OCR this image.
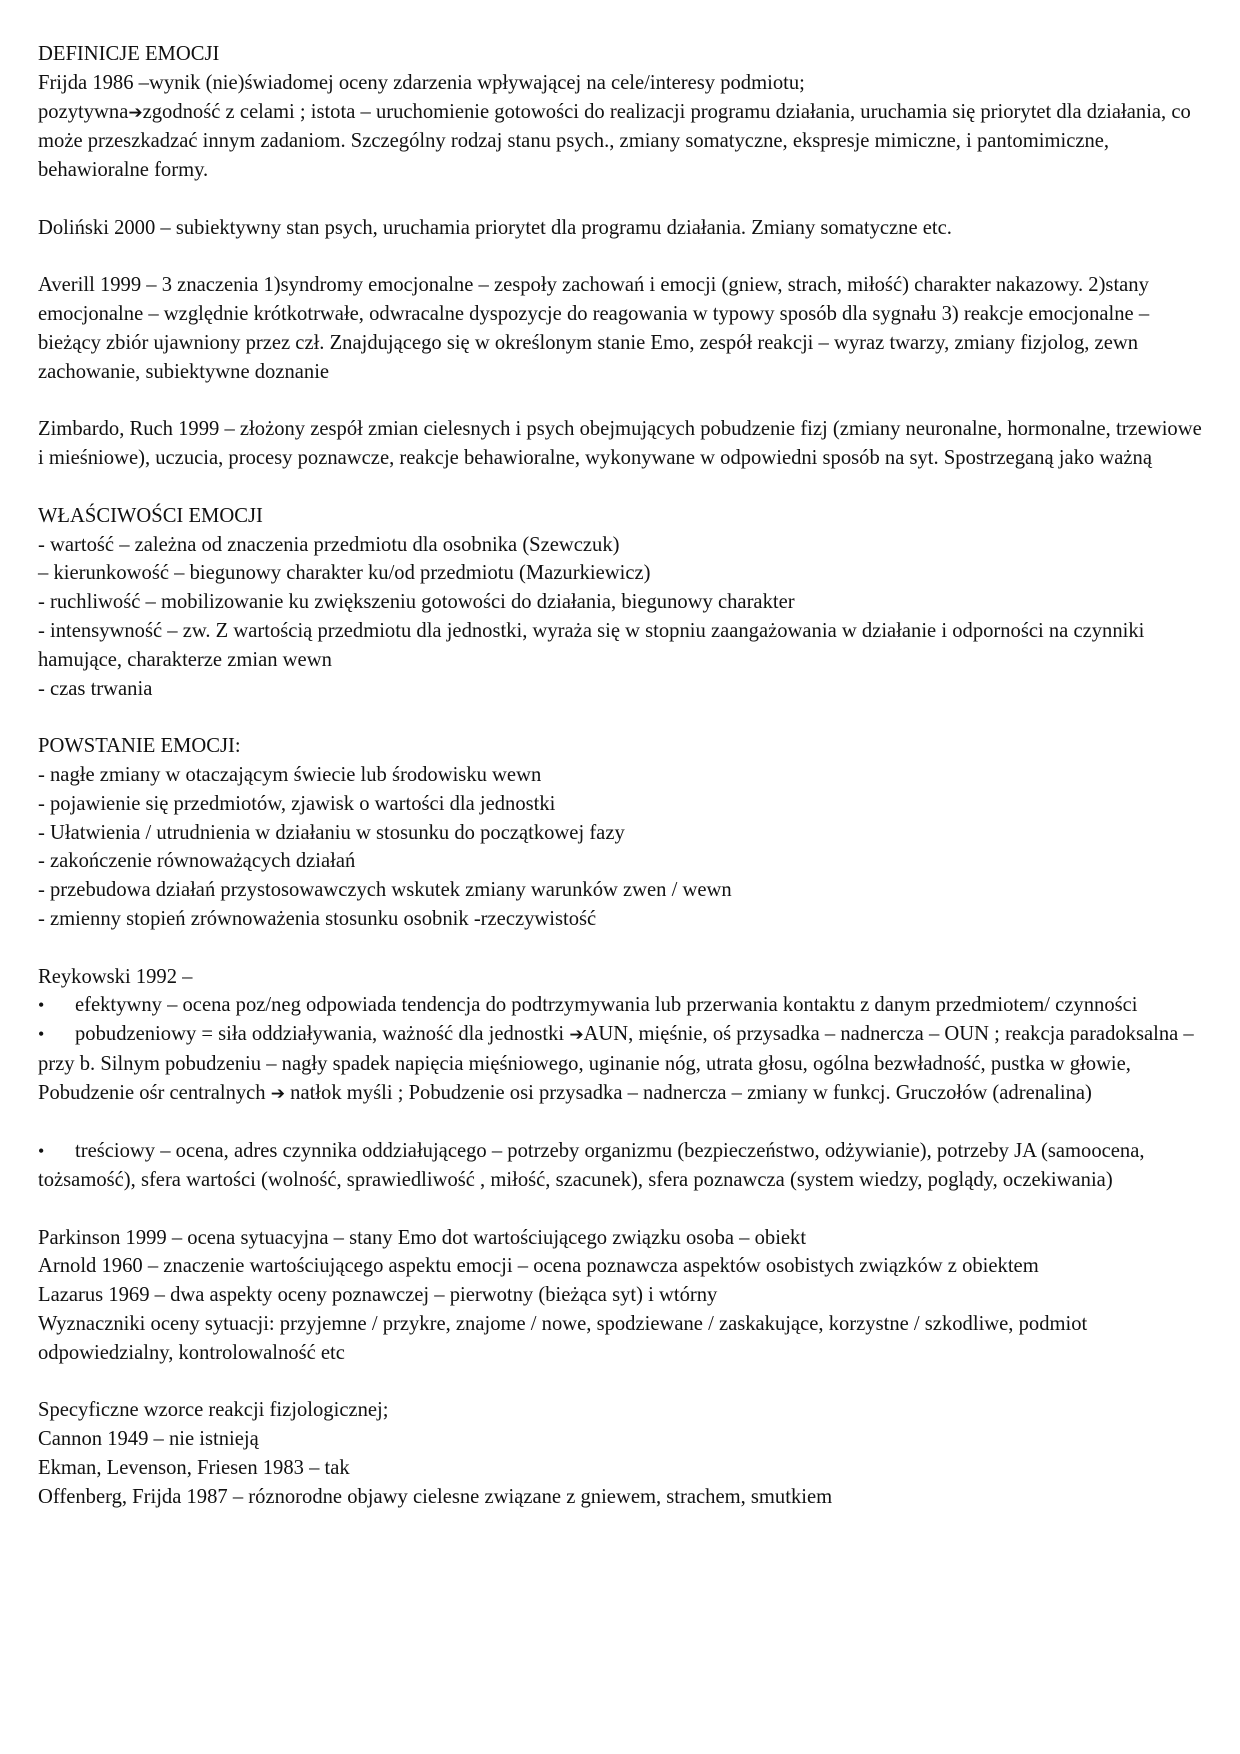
DEFINICJE EMOCJI

Frijda 1986 –wynik (nie)świadomej oceny zdarzenia wpływającej na cele/interesy podmiotu;

pozytywna➔zgodność z celami ; istota – uruchomienie gotowości do realizacji programu działania, uruchamia się priorytet dla działania, co może przeszkadzać innym zadaniom. Szczególny rodzaj stanu psych., zmiany somatyczne, ekspresje mimiczne, i pantomimiczne, behawioralne formy.

Doliński 2000 – subiektywny stan psych, uruchamia priorytet dla programu działania. Zmiany somatyczne etc.

Averill 1999 – 3 znaczenia 1)syndromy emocjonalne – zespoły zachowań i emocji (gniew, strach, miłość) charakter nakazowy. 2)stany emocjonalne – względnie krótkotrwałe, odwracalne dyspozycje do reagowania w typowy sposób dla sygnału 3) reakcje emocjonalne – bieżący zbiór ujawniony przez czł. Znajdującego się w określonym stanie Emo, zespół reakcji – wyraz twarzy, zmiany fizjolog, zewn zachowanie, subiektywne doznanie

Zimbardo, Ruch 1999 – złożony zespół zmian cielesnych i psych obejmujących pobudzenie fizj (zmiany neuronalne, hormonalne, trzewiowe i mieśniowe), uczucia, procesy poznawcze, reakcje behawioralne, wykonywane w odpowiedni sposób na syt. Spostrzeganą jako ważną

WŁAŚCIWOŚCI EMOCJI

- wartość – zależna od znaczenia przedmiotu dla osobnika (Szewczuk)

– kierunkowość – biegunowy charakter ku/od przedmiotu (Mazurkiewicz)

- ruchliwość – mobilizowanie ku zwiększeniu gotowości do działania, biegunowy charakter

- intensywność – zw. Z wartością przedmiotu dla jednostki, wyraża się w stopniu zaangażowania w działanie i odporności na czynniki hamujące, charakterze zmian wewn

- czas trwania

POWSTANIE EMOCJI:

- nagłe zmiany w otaczającym świecie lub środowisku wewn

- pojawienie się przedmiotów, zjawisk o wartości dla jednostki

- Ułatwienia / utrudnienia w działaniu w stosunku do początkowej fazy

- zakończenie równoważących działań

- przebudowa działań przystosowawczych wskutek zmiany warunków zwen / wewn

- zmienny stopień zrównoważenia stosunku osobnik -rzeczywistość

Reykowski 1992 –

• efektywny – ocena poz/neg odpowiada tendencja do podtrzymywania lub przerwania kontaktu z danym przedmiotem/ czynności

• pobudzeniowy = siła oddziaływania, ważność dla jednostki ➔AUN, mięśnie, oś przysadka – nadnercza – OUN ; reakcja paradoksalna – przy b. Silnym pobudzeniu – nagły spadek napięcia mięśniowego, uginanie nóg, utrata głosu, ogólna bezwładność, pustka w głowie,

Pobudzenie ośr centralnych ➔ natłok myśli ; Pobudzenie osi przysadka – nadnercza – zmiany w funkcj. Gruczołów (adrenalina)

• treściowy – ocena, adres czynnika oddziałującego – potrzeby organizmu (bezpieczeństwo, odżywianie), potrzeby JA (samoocena, tożsamość), sfera wartości (wolność, sprawiedliwość , miłość, szacunek), sfera poznawcza (system wiedzy, poglądy, oczekiwania)

Parkinson 1999 – ocena sytuacyjna – stany Emo dot wartościującego związku osoba – obiekt

Arnold 1960 – znaczenie wartościującego aspektu emocji – ocena poznawcza aspektów osobistych związków z obiektem

Lazarus 1969 – dwa aspekty oceny poznawczej – pierwotny (bieżąca syt) i wtórny

Wyznaczniki oceny sytuacji: przyjemne / przykre, znajome / nowe, spodziewane / zaskakujące, korzystne / szkodliwe, podmiot odpowiedzialny, kontrolowalność etc

Specyficzne wzorce reakcji fizjologicznej;

Cannon 1949 – nie istnieją

Ekman, Levenson, Friesen 1983 – tak

Offenberg, Frijda 1987 – róznorodne objawy cielesne związane z gniewem, strachem, smutkiem
